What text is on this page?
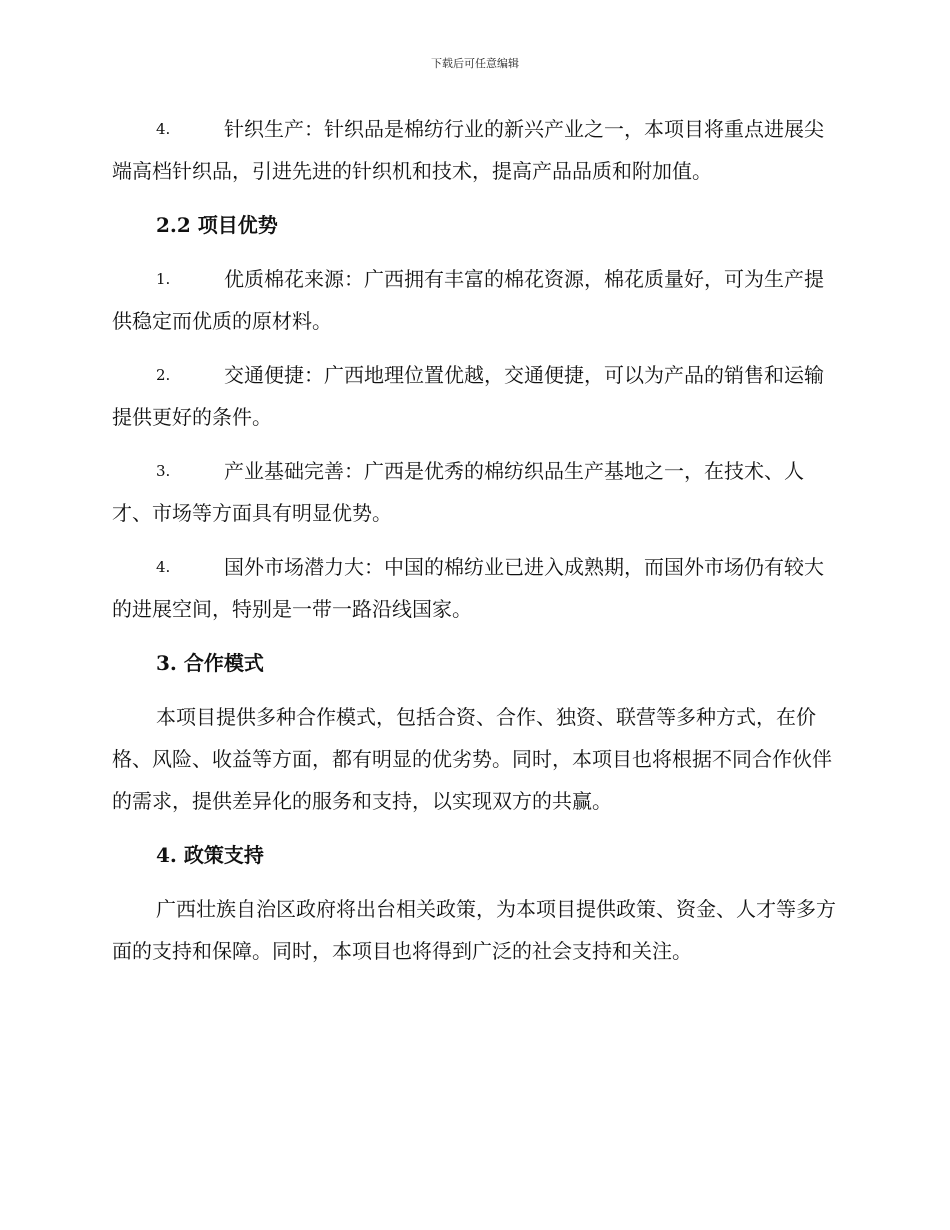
下载后可任意编辑
4.	针织生产：针织品是棉纺行业的新兴产业之一，本项目将重点进展尖端高档针织品，引进先进的针织机和技术，提高产品品质和附加值。
2.2 项目优势
1.	优质棉花来源：广西拥有丰富的棉花资源，棉花质量好，可为生产提供稳定而优质的原材料。
2.	交通便捷：广西地理位置优越，交通便捷，可以为产品的销售和运输提供更好的条件。
3.	产业基础完善：广西是优秀的棉纺织品生产基地之一，在技术、人才、市场等方面具有明显优势。
4.	国外市场潜力大：中国的棉纺业已进入成熟期，而国外市场仍有较大的进展空间，特别是一带一路沿线国家。
3. 合作模式

本项目提供多种合作模式，包括合资、合作、独资、联营等多种方式，在价格、风险、收益等方面，都有明显的优劣势。同时，本项目也将根据不同合作伙伴的需求，提供差异化的服务和支持，以实现双方的共赢。

4. 政策支持

广西壮族自治区政府将出台相关政策，为本项目提供政策、资金、人才等多方面的支持和保障。同时，本项目也将得到广泛的社会支持和关注。
